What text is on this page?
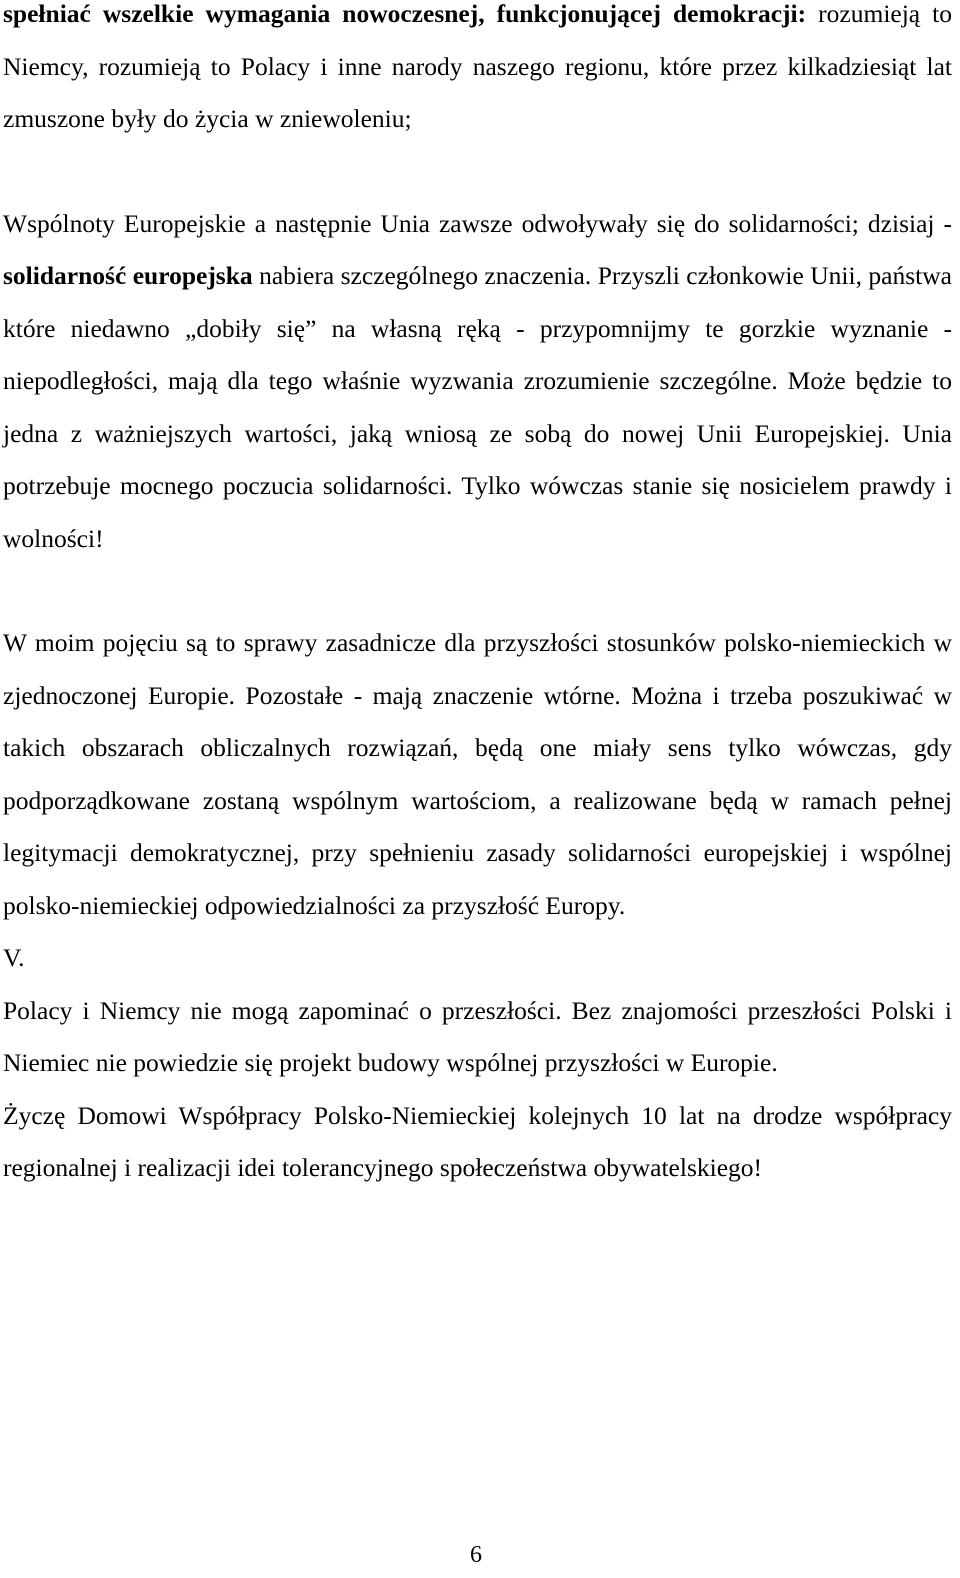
spełniać wszelkie wymagania nowoczesnej, funkcjonującej demokracji: rozumieją to Niemcy, rozumieją to Polacy i inne narody naszego regionu, które przez kilkadziesiąt lat zmuszone były do życia w zniewoleniu;

Wspólnoty Europejskie a następnie Unia zawsze odwoływały się do solidarności; dzisiaj - solidarność europejska nabiera szczególnego znaczenia. Przyszli członkowie Unii, państwa które niedawno „dobiły się” na własną ręką - przypomnijmy te gorzkie wyznanie - niepodległości, mają dla tego właśnie wyzwania zrozumienie szczególne. Może będzie to jedna z ważniejszych wartości, jaką wniosą ze sobą do nowej Unii Europejskiej. Unia potrzebuje mocnego poczucia solidarności. Tylko wówczas stanie się nosicielem prawdy i wolności!

W moim pojęciu są to sprawy zasadnicze dla przyszłości stosunków polsko-niemieckich w zjednoczonej Europie. Pozostałe - mają znaczenie wtórne. Można i trzeba poszukiwać w takich obszarach obliczalnych rozwiązań, będą one miały sens tylko wówczas, gdy podporządkowane zostaną wspólnym wartościom, a realizowane będą w ramach pełnej legitymacji demokratycznej, przy spełnieniu zasady solidarności europejskiej i wspólnej polsko-niemieckiej odpowiedzialności za przyszłość Europy.

V.

Polacy i Niemcy nie mogą zapominać o przeszłości. Bez znajomości przeszłości Polski i Niemiec nie powiedzie się projekt budowy wspólnej przyszłości w Europie.

Życzę Domowi Współpracy Polsko-Niemieckiej kolejnych 10 lat na drodze współpracy regionalnej i realizacji idei tolerancyjnego społeczeństwa obywatelskiego!

6
